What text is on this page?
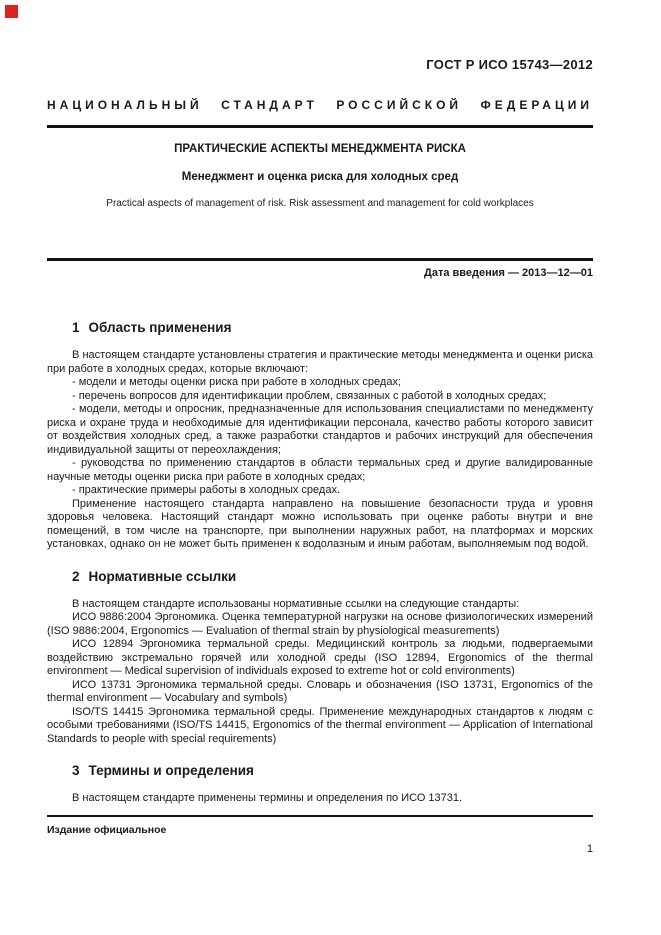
ГОСТ Р ИСО 15743—2012
НАЦИОНАЛЬНЫЙ СТАНДАРТ РОССИЙСКОЙ ФЕДЕРАЦИИ
ПРАКТИЧЕСКИЕ АСПЕКТЫ МЕНЕДЖМЕНТА РИСКА
Менеджмент и оценка риска для холодных сред
Practical aspects of management of risk. Risk assessment and management for cold workplaces
Дата введения — 2013—12—01
1 Область применения

В настоящем стандарте установлены стратегия и практические методы менеджмента и оценки риска при работе в холодных средах, которые включают:

- модели и методы оценки риска при работе в холодных средах;

- перечень вопросов для идентификации проблем, связанных с работой в холодных средах;

- модели, методы и опросник, предназначенные для использования специалистами по менеджменту риска и охране труда и необходимые для идентификации персонала, качество работы которого зависит от воздействия холодных сред, а также разработки стандартов и рабочих инструкций для обеспечения индивидуальной защиты от переохлаждения;

- руководства по применению стандартов в области термальных сред и другие валидированные научные методы оценки риска при работе в холодных средах;

- практические примеры работы в холодных средах.

Применение настоящего стандарта направлено на повышение безопасности труда и уровня здоровья человека. Настоящий стандарт можно использовать при оценке работы внутри и вне помещений, в том числе на транспорте, при выполнении наружных работ, на платформах и морских установках, однако он не может быть применен к водолазным и иным работам, выполняемым под водой.

2 Нормативные ссылки

В настоящем стандарте использованы нормативные ссылки на следующие стандарты:

ИСО 9886:2004 Эргономика. Оценка температурной нагрузки на основе физиологических измерений (ISO 9886:2004, Ergonomics — Evaluation of thermal strain by physiological measurements)

ИСО 12894 Эргономика термальной среды. Медицинский контроль за людьми, подвергаемыми воздействию экстремально горячей или холодной среды (ISO 12894, Ergonomics of the thermal environment — Medical supervision of individuals exposed to extreme hot or cold environments)

ИСО 13731 Эргономика термальной среды. Словарь и обозначения (ISO 13731, Ergonomics of the thermal environment — Vocabulary and symbols)

ISO/TS 14415 Эргономика термальной среды. Применение международных стандартов к людям с особыми требованиями (ISO/TS 14415, Ergonomics of the thermal environment — Application of International Standards to people with special requirements)

3 Термины и определения

В настоящем стандарте применены термины и определения по ИСО 13731.

Издание официальное
1
